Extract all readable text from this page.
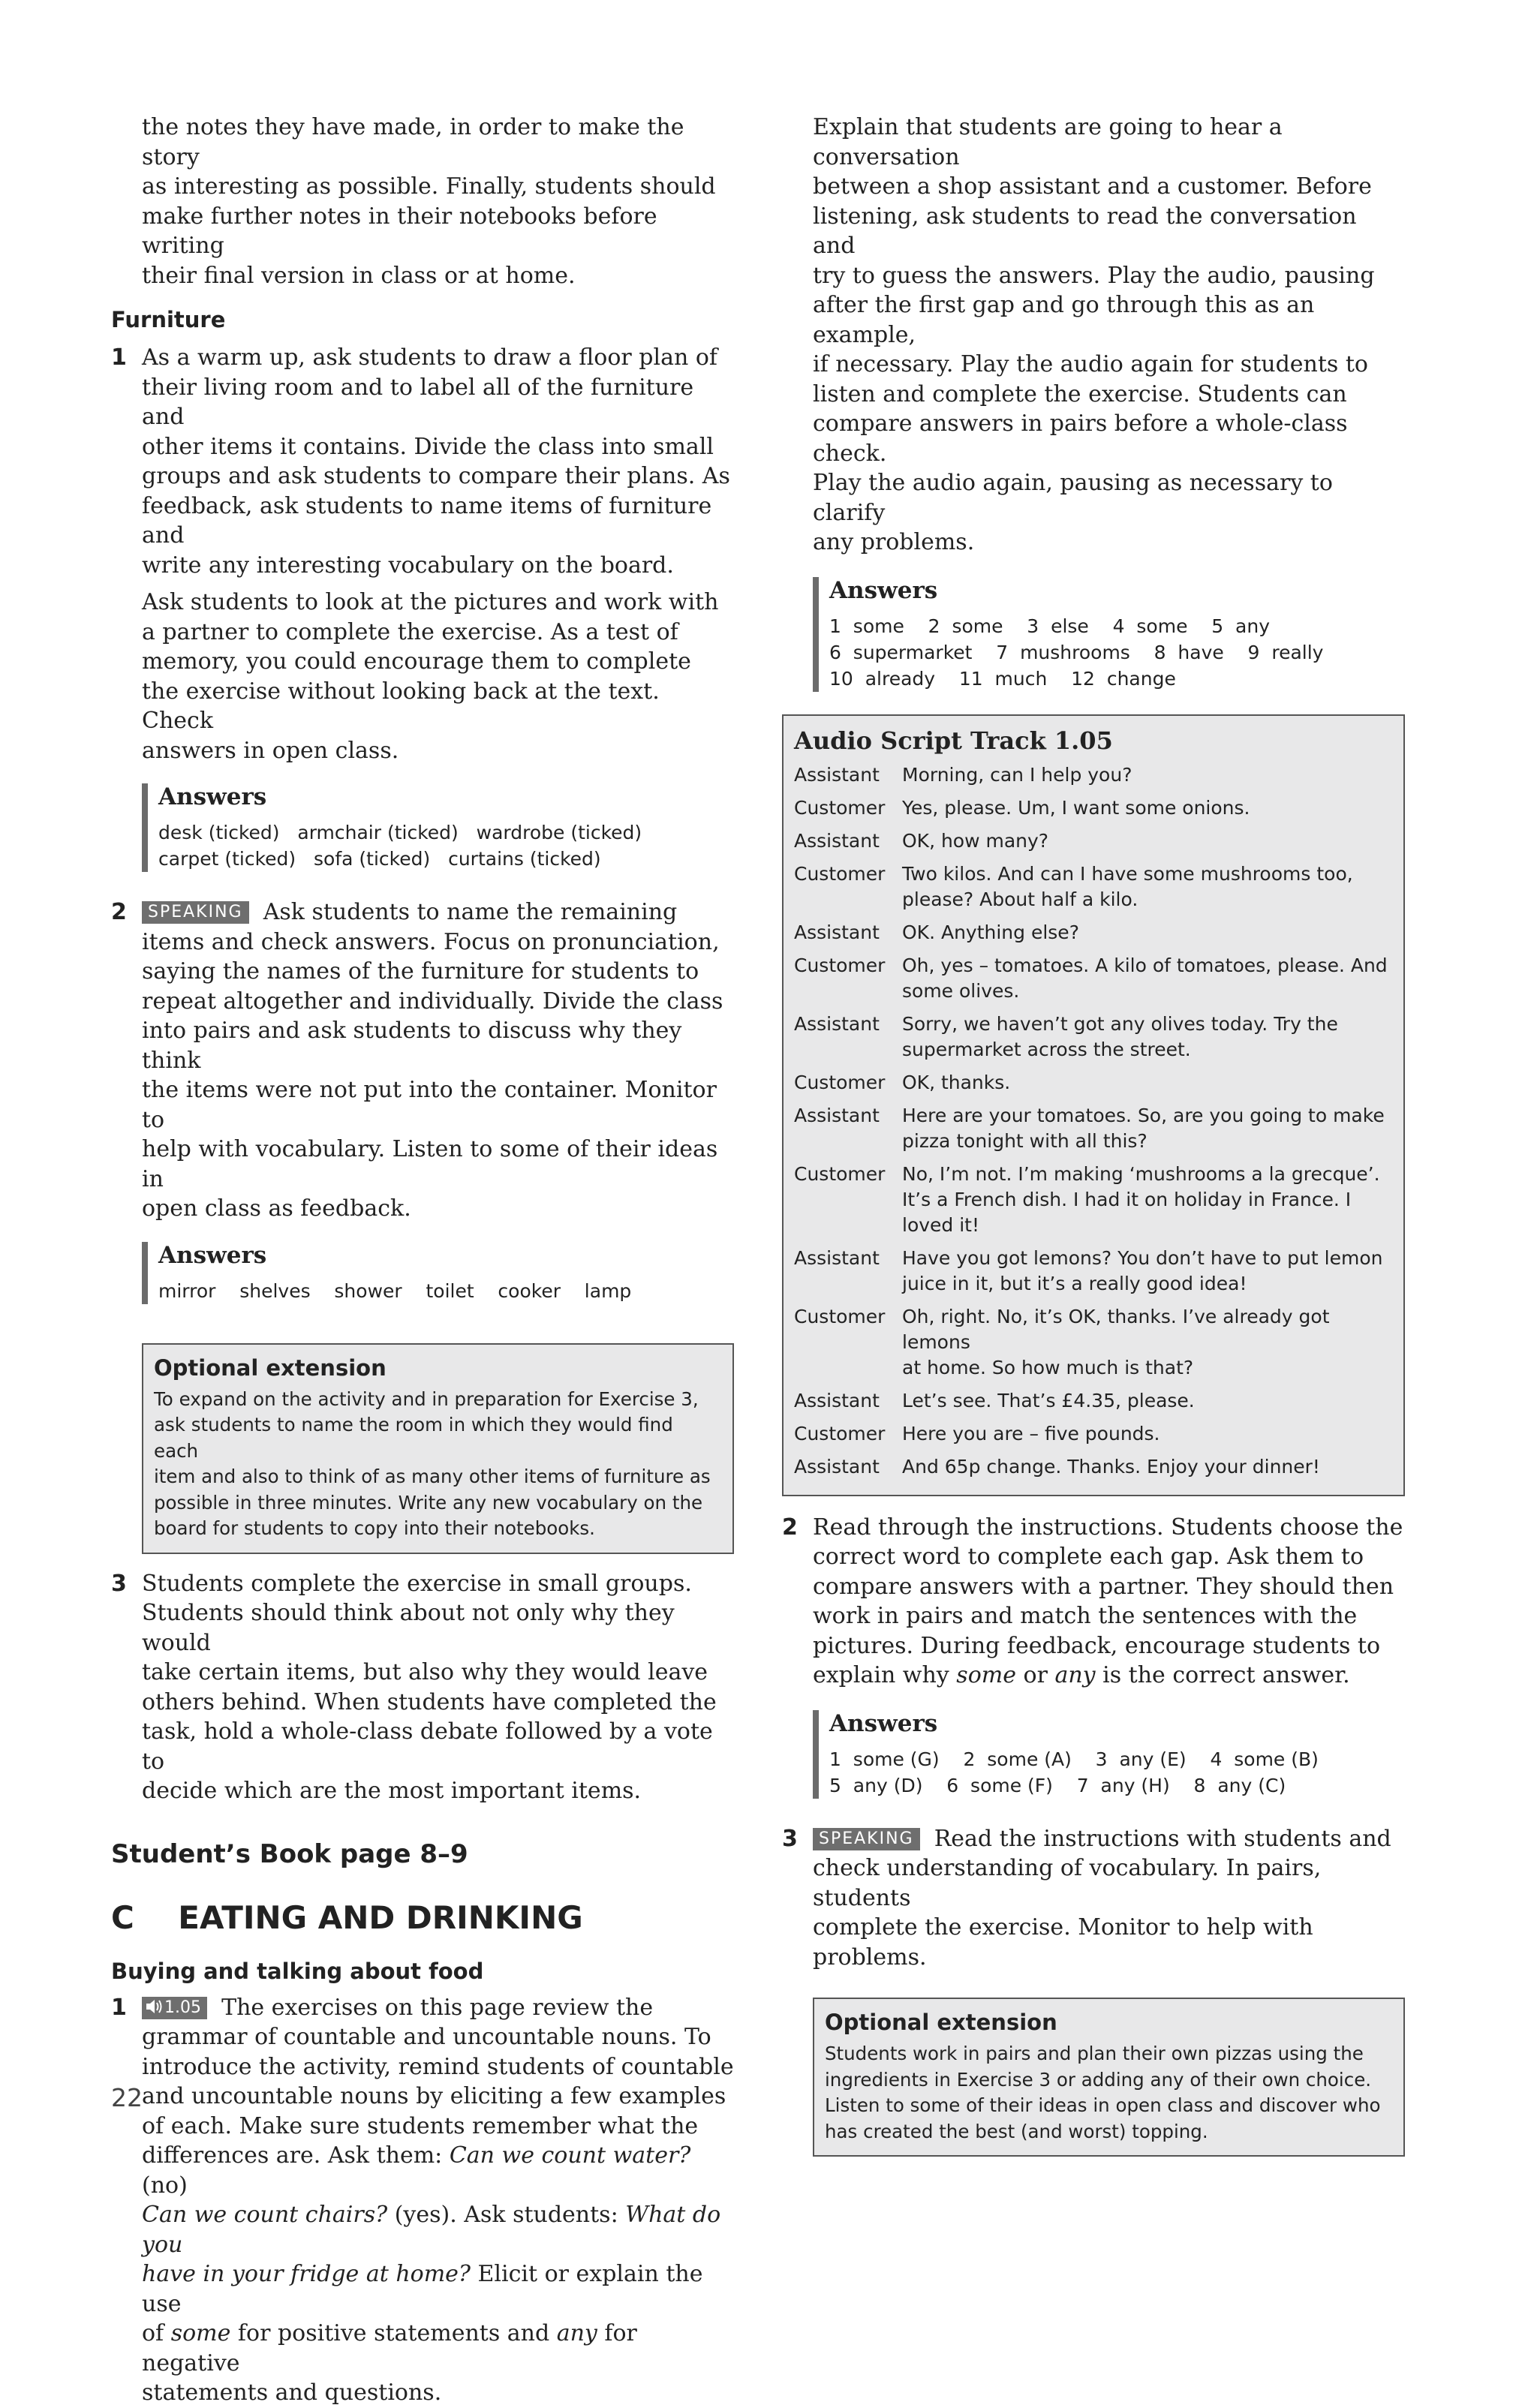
the notes they have made, in order to make the story

as interesting as possible. Finally, students should

make further notes in their notebooks before writing

their final version in class or at home.

Furniture
1 As a warm up, ask students to draw a floor plan of

their living room and to label all of the furniture and

other items it contains. Divide the class into small

groups and ask students to compare their plans. As

feedback, ask students to name items of furniture and

write any interesting vocabulary on the board.

Ask students to look at the pictures and work with

a partner to complete the exercise. As a test of

memory, you could encourage them to complete

the exercise without looking back at the text. Check

answers in open class.

Answers
desk (ticked)   armchair (ticked)   wardrobe (ticked)
carpet (ticked)   sofa (ticked)   curtains (ticked)
2	SPEAKING Ask students to name the remaining

items and check answers. Focus on pronunciation,

saying the names of the furniture for students to

repeat altogether and individually. Divide the class

into pairs and ask students to discuss why they think

the items were not put into the container. Monitor to

help with vocabulary. Listen to some of their ideas in

open class as feedback.

Answers
mirror    shelves    shower    toilet    cooker    lamp
Optional extension

To expand on the activity and in preparation for Exercise 3,

ask students to name the room in which they would find each

item and also to think of as many other items of furniture as

possible in three minutes. Write any new vocabulary on the

board for students to copy into their notebooks.

3 Students complete the exercise in small groups.

Students should think about not only why they would

take certain items, but also why they would leave

others behind. When students have completed the

task, hold a whole-class debate followed by a vote to

decide which are the most important items.

Student’s Book page 8–9
C    EATING AND DRINKING
Buying and talking about food
1	1.05 The exercises on this page review the

grammar of countable and uncountable nouns. To

introduce the activity, remind students of countable

and uncountable nouns by eliciting a few examples

of each. Make sure students remember what the

differences are. Ask them: Can we count water? (no)

Can we count chairs? (yes). Ask students: What do you

have in your fridge at home? Elicit or explain the use

of some for positive statements and any for negative

statements and questions.

Explain that students are going to hear a conversation

between a shop assistant and a customer. Before

listening, ask students to read the conversation and

try to guess the answers. Play the audio, pausing

after the first gap and go through this as an example,

if necessary. Play the audio again for students to

listen and complete the exercise. Students can

compare answers in pairs before a whole-class check.

Play the audio again, pausing as necessary to clarify

any problems.

Answers
1  some    2  some    3  else    4  some    5  any
6  supermarket    7  mushrooms    8  have    9  really
10  already    11  much    12  change
Audio Script Track 1.05
Assistant	Morning, can I help you?
Customer Yes, please. Um, I want some onions.
Assistant	OK, how many?
Customer Two kilos. And can I have some mushrooms too,
please? About half a kilo.
Assistant	OK. Anything else?
Customer Oh, yes – tomatoes. A kilo of tomatoes, please. And
some olives.
Assistant	Sorry, we haven’t got any olives today. Try the
supermarket across the street.
Customer OK, thanks.
Assistant	Here are your tomatoes. So, are you going to make
pizza tonight with all this?
Customer No, I’m not. I’m making ‘mushrooms a la grecque’.
It’s a French dish. I had it on holiday in France. I
loved it!
Assistant	Have you got lemons? You don’t have to put lemon
juice in it, but it’s a really good idea!
Customer Oh, right. No, it’s OK, thanks. I’ve already got lemons
at home. So how much is that?
Assistant	Let’s see. That’s £4.35, please.
Customer Here you are – five pounds.
Assistant	And 65p change. Thanks. Enjoy your dinner!
2 Read through the instructions. Students choose the

correct word to complete each gap. Ask them to

compare answers with a partner. They should then

work in pairs and match the sentences with the

pictures. During feedback, encourage students to

explain why some or any is the correct answer.

Answers
1  some (G)    2  some (A)    3  any (E)    4  some (B)
5  any (D)    6  some (F)    7  any (H)    8  any (C)
3	SPEAKING Read the instructions with students and

check understanding of vocabulary. In pairs, students

complete the exercise. Monitor to help with problems.

Optional extension

Students work in pairs and plan their own pizzas using the

ingredients in Exercise 3 or adding any of their own choice.

Listen to some of their ideas in open class and discover who

has created the best (and worst) topping.

22
